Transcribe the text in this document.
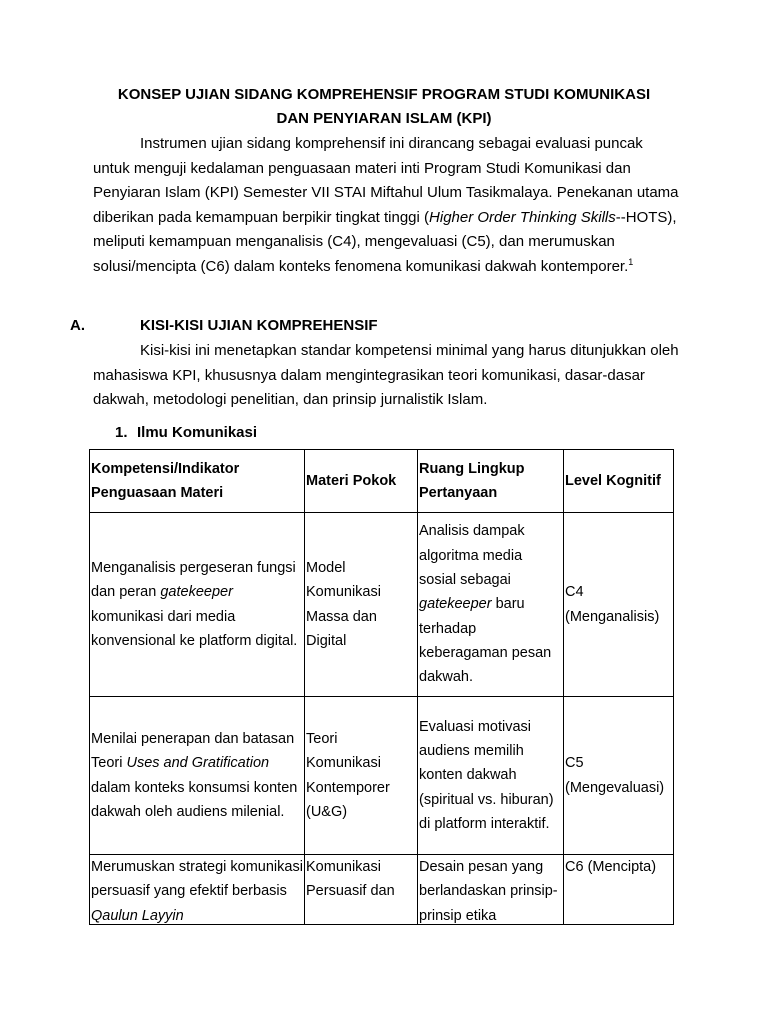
KONSEP UJIAN SIDANG KOMPREHENSIF PROGRAM STUDI KOMUNIKASI
DAN PENYIARAN ISLAM (KPI)

Instrumen ujian sidang komprehensif ini dirancang sebagai evaluasi puncak untuk menguji kedalaman penguasaan materi inti Program Studi Komunikasi dan Penyiaran Islam (KPI) Semester VII STAI Miftahul Ulum Tasikmalaya. Penekanan utama diberikan pada kemampuan berpikir tingkat tinggi (Higher Order Thinking Skills--HOTS), meliputi kemampuan menganalisis (C4), mengevaluasi (C5), dan merumuskan solusi/mencipta (C6) dalam konteks fenomena komunikasi dakwah kontemporer.$^1$

A.	KISI-KISI UJIAN KOMPREHENSIF

Kisi-kisi ini menetapkan standar kompetensi minimal yang harus ditunjukkan oleh mahasiswa KPI, khususnya dalam mengintegrasikan teori komunikasi, dasar-dasar dakwah, metodologi penelitian, dan prinsip jurnalistik Islam.

1. Ilmu Komunikasi
Kompetensi/Indikator Penguasaan Materi	Materi Pokok	Ruang Lingkup Pertanyaan	Level Kognitif
Menganalisis pergeseran fungsi dan peran gatekeeper komunikasi dari media konvensional ke platform digital.	Model Komunikasi Massa dan Digital	Analisis dampak algoritma media sosial sebagai gatekeeper baru terhadap keberagaman pesan dakwah.	C4 (Menganalisis)
Menilai penerapan dan batasan Teori Uses and Gratification dalam konteks konsumsi konten dakwah oleh audiens milenial.	Teori Komunikasi Kontemporer (U&G)	Evaluasi motivasi audiens memilih konten dakwah (spiritual vs. hiburan) di platform interaktif.	C5 (Mengevaluasi)

Merumuskan strategi komunikasi persuasif yang efektif berbasis Qaulun Layyin	Komunikasi Persuasif dan	Desain pesan yang berlandaskan prinsip-prinsip etika	C6 (Mencipta)
